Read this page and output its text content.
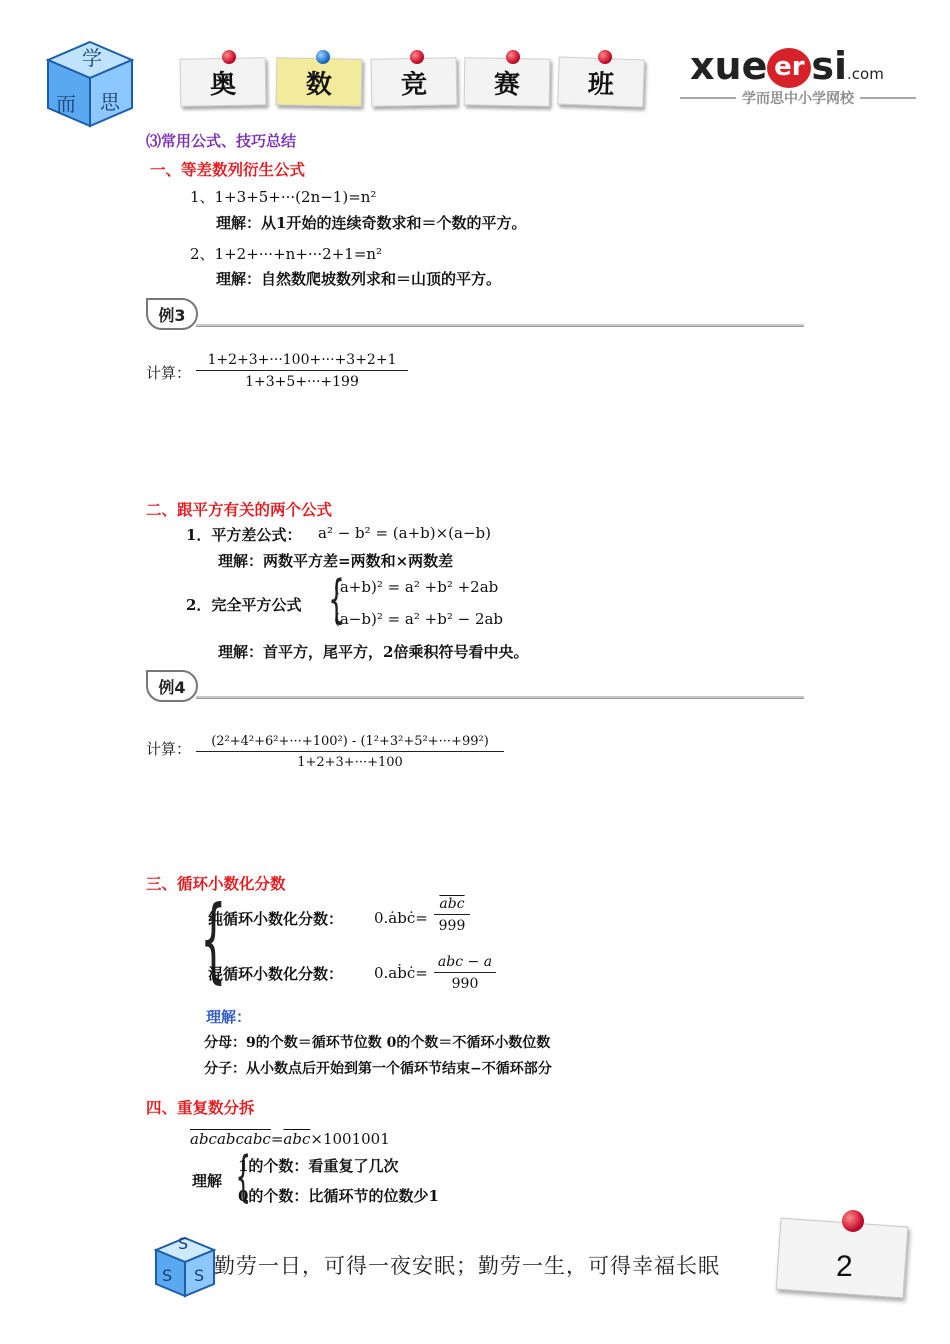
学
而 思
奥	数	竞	赛	班 xue er si.com
学而思中小学网校
⑶常用公式、技巧总结
一、等差数列衍生公式
1、1+3+5+···(2n−1)=n²
理解：从1开始的连续奇数求和＝个数的平方。
2、1+2+···+n+···2+1=n²
理解：自然数爬坡数列求和＝山顶的平方。
例3
计算： $\frac{1+2+3+\cdot\cdot\cdot 100+\cdot\cdot\cdot+3+2+1}{1+3+5+\cdot\cdot\cdot+199}$
二、跟平方有关的两个公式
1．平方差公式： a² − b² = (a+b)×(a−b)
理解：两数平方差=两数和×两数差
2．完全平方公式 {
(a+b)² = a² +b² +2ab
(a−b)² = a² +b² − 2ab
理解：首平方，尾平方，2倍乘积符号看中央。
例4
计算： $\frac{\text{(2²+4²+6²+···+100²) - (1²+3²+5²+···+99²)}}{1+2+3+\cdot\cdot\cdot+100}$
三、循环小数化分数
{
纯循环小数化分数： 0.ȧbċ=
$\overline{abc}$
999
混循环小数化分数： 0.aḃċ=
abc − a
990
理解：
分母：9的个数＝循环节位数 0的个数＝不循环小数位数
分子：从小数点后开始到第一个循环节结束−不循环部分
四、重复数分拆
$abcabcabc=\overline{abc}\times 1001001$
理解 {
1的个数：看重复了几次
0的个数：比循环节的位数少1
S
S S 勤劳一日，可得一夜安眠；勤劳一生，可得幸福长眠	2
